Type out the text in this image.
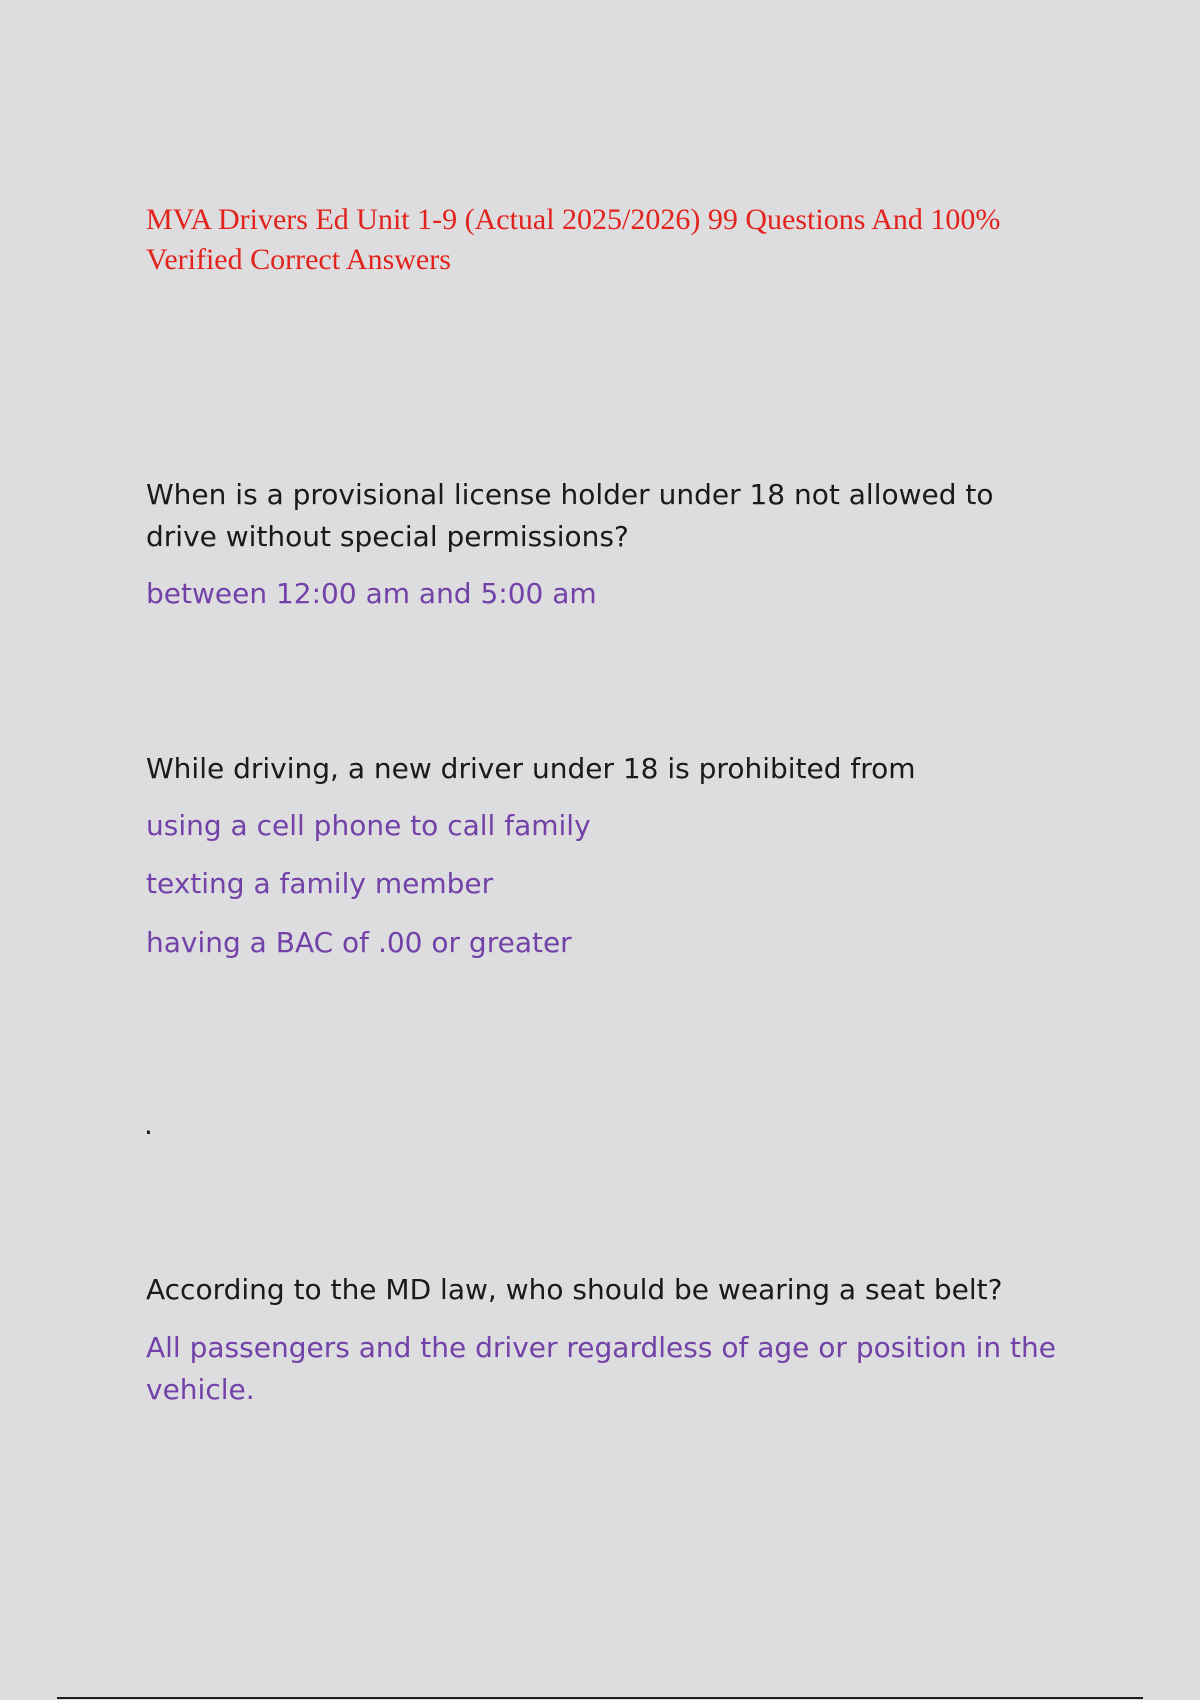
MVA Drivers Ed Unit 1-9 (Actual 2025/2026) 99 Questions And 100% Verified Correct Answers

When is a provisional license holder under 18 not allowed to drive without special permissions?

between 12:00 am and 5:00 am

While driving, a new driver under 18 is prohibited from

using a cell phone to call family

texting a family member

having a BAC of .00 or greater

.

According to the MD law, who should be wearing a seat belt?

All passengers and the driver regardless of age or position in the vehicle.
